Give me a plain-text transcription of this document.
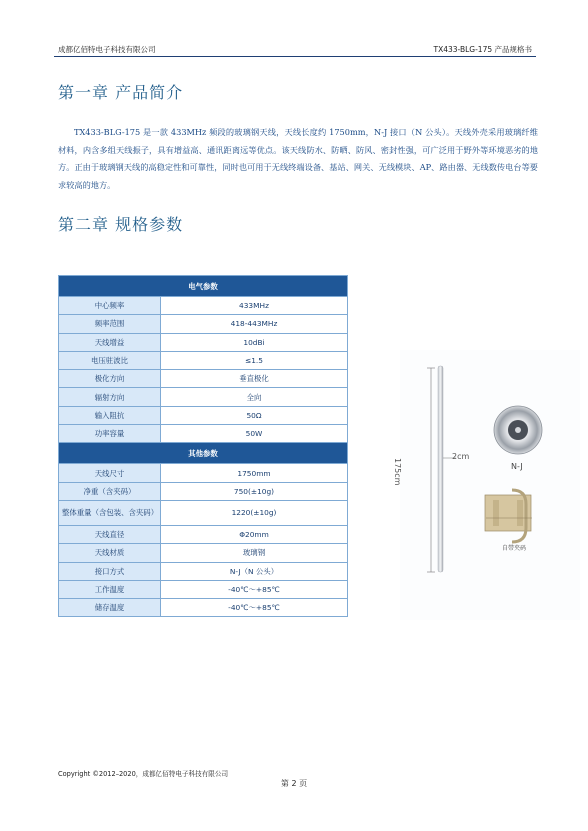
成都亿佰特电子科技有限公司	TX433-BLG-175 产品规格书
第一章 产品简介
TX433-BLG-175 是一款 433MHz 频段的玻璃钢天线，天线长度约 1750mm，N-J 接口（N 公头）。天线外壳采用玻璃纤维材料，内含多组天线振子，具有增益高、通讯距离远等优点。该天线防水、防晒、防风、密封性强，可广泛用于野外等环境恶劣的地方。正由于玻璃钢天线的高稳定性和可靠性，同时也可用于无线终端设备、基站、网关、无线模块、AP、路由器、无线数传电台等要求较高的地方。
第二章 规格参数
电气参数	
中心频率	433MHz
频率范围	418-443MHz
天线增益	10dBi
电压驻波比	≤1.5
极化方向	垂直极化
辐射方向	全向
输入阻抗	50Ω
功率容量	50W
其他参数	
天线尺寸	1750mm
净重（含夹码）	750(±10g)
整体重量（含包装、含夹码）	1220(±10g)
天线直径	Φ20mm
天线材质	玻璃钢
接口方式	N-J（N 公头）
工作温度	-40℃～+85℃
储存温度	-40℃～+85℃
175cm
2cm
N-J
自带夹码
Copyright ©2012–2020，成都亿佰特电子科技有限公司
第 2 页
